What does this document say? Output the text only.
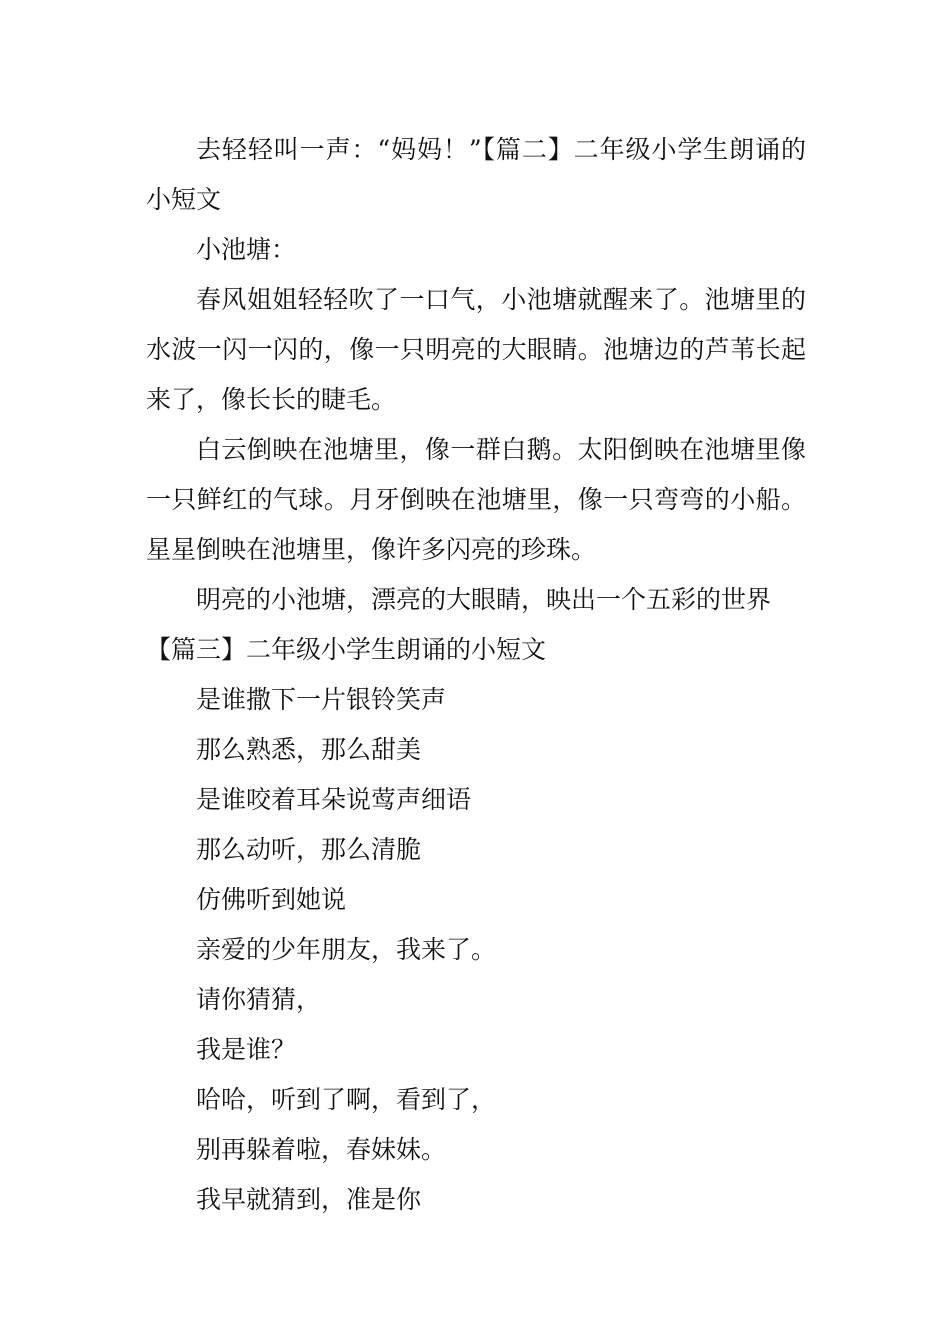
去轻轻叫一声：“妈妈！”【篇二】二年级小学生朗诵的小短文

小池塘：

春风姐姐轻轻吹了一口气，小池塘就醒来了。池塘里的水波一闪一闪的，像一只明亮的大眼睛。池塘边的芦苇长起来了，像长长的睫毛。

白云倒映在池塘里，像一群白鹅。太阳倒映在池塘里像一只鲜红的气球。月牙倒映在池塘里，像一只弯弯的小船。星星倒映在池塘里，像许多闪亮的珍珠。

明亮的小池塘，漂亮的大眼睛，映出一个五彩的世界

【篇三】二年级小学生朗诵的小短文

是谁撒下一片银铃笑声

那么熟悉，那么甜美

是谁咬着耳朵说莺声细语

那么动听，那么清脆

仿佛听到她说

亲爱的少年朋友，我来了。

请你猜猜，

我是谁？

哈哈，听到了啊，看到了，

别再躲着啦，春妹妹。

我早就猜到，准是你
